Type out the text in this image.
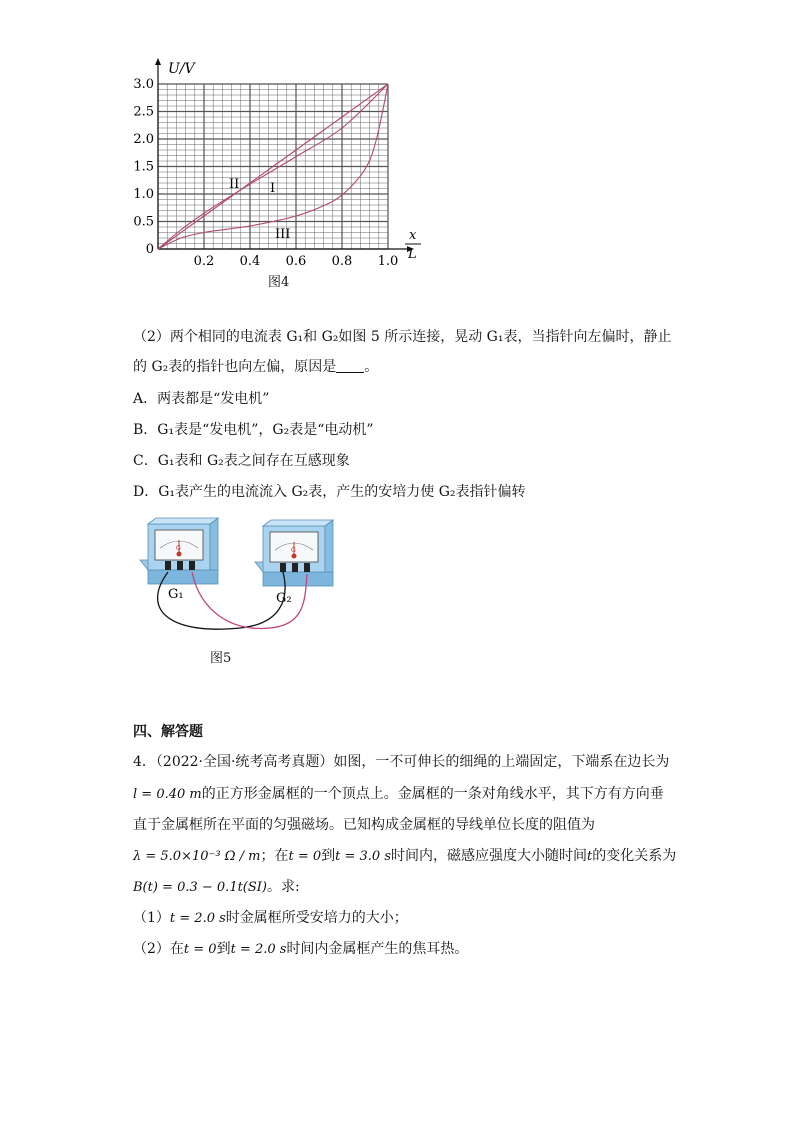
0.2 0.4 0.6 0.8 1.0
0
0.5
1.0
1.5
2.0
2.5
3.0
U/V
x
L
II I
III
图4
（2）两个相同的电流表 G₁和 G₂如图 5 所示连接，晃动 G₁表，当指针向左偏时，静止
的 G₂表的指针也向左偏，原因是 。
A．两表都是“发电机”
B．G₁表是“发电机”，G₂表是“电动机”
C．G₁表和 G₂表之间存在互感现象
D．G₁表产生的电流流入 G₂表，产生的安培力使 G₂表指针偏转
G
G₁
G
G₂
图5
四、解答题
4．（2022·全国·统考高考真题）如图，一不可伸长的细绳的上端固定，下端系在边长为
l = 0.40 m的正方形金属框的一个顶点上。金属框的一条对角线水平，其下方有方向垂
直于金属框所在平面的匀强磁场。已知构成金属框的导线单位长度的阻值为
λ = 5.0×10⁻³ Ω / m；在t = 0到t = 3.0 s时间内，磁感应强度大小随时间t的变化关系为
B(t) = 0.3 − 0.1t(SI)。求:
（1）t = 2.0 s时金属框所受安培力的大小；
（2）在t = 0到t = 2.0 s时间内金属框产生的焦耳热。
